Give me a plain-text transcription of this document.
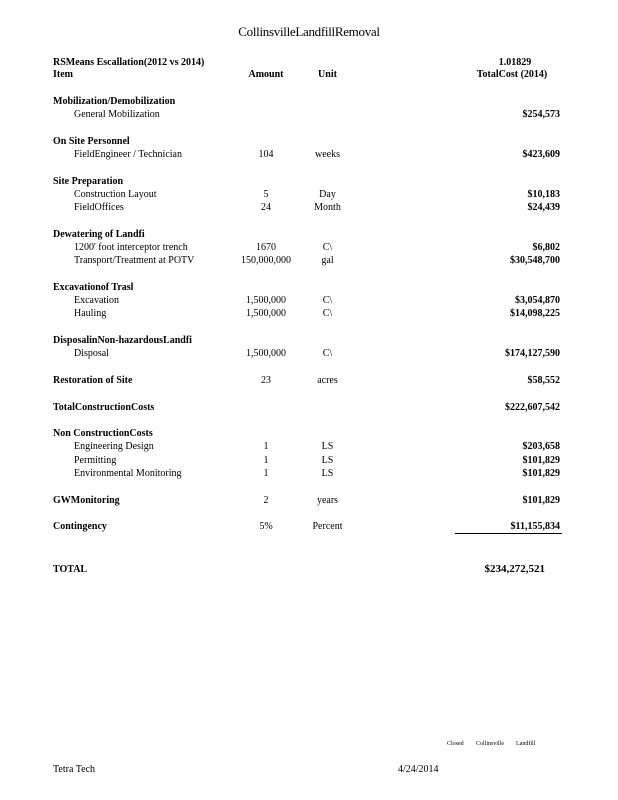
CollinsvilleLandfillRemoval
RSMeans Escallation(2012 vs 2014)	1.01829
Item	Amount	Unit	TotalCost (2014)
Mobilization/Demobilization
General Mobilization	$254,573
On Site Personnel
FieldEngineer / Technician	104	weeks	$423,609
Site Preparation
Construction Layout	5	Day	$10,183
FieldOffices	24	Month	$24,439
Dewatering of Landfi
1200' foot interceptor trench	1670	C\	$6,802
Transport/Treatment at POTV	150,000,000	gal	$30,548,700
Excavationof Trasl
Excavation	1,500,000	C\	$3,054,870
Hauling	1,500,000	C\	$14,098,225
DisposalinNon-hazardousLandfi
Disposal	1,500,000	C\	$174,127,590
Restoration of Site	23	acres	$58,552
TotalConstructionCosts	$222,607,542
Non ConstructionCosts
Engineering Design	1	LS	$203,658
Permitting	1	LS	$101,829
Environmental Monitoring	1	LS	$101,829
GWMonitoring	2	years	$101,829
Contingency	5%	Percent	$11,155,834
TOTAL	$234,272,521
Closed Collinsville Landfill
Tetra Tech	4/24/2014
